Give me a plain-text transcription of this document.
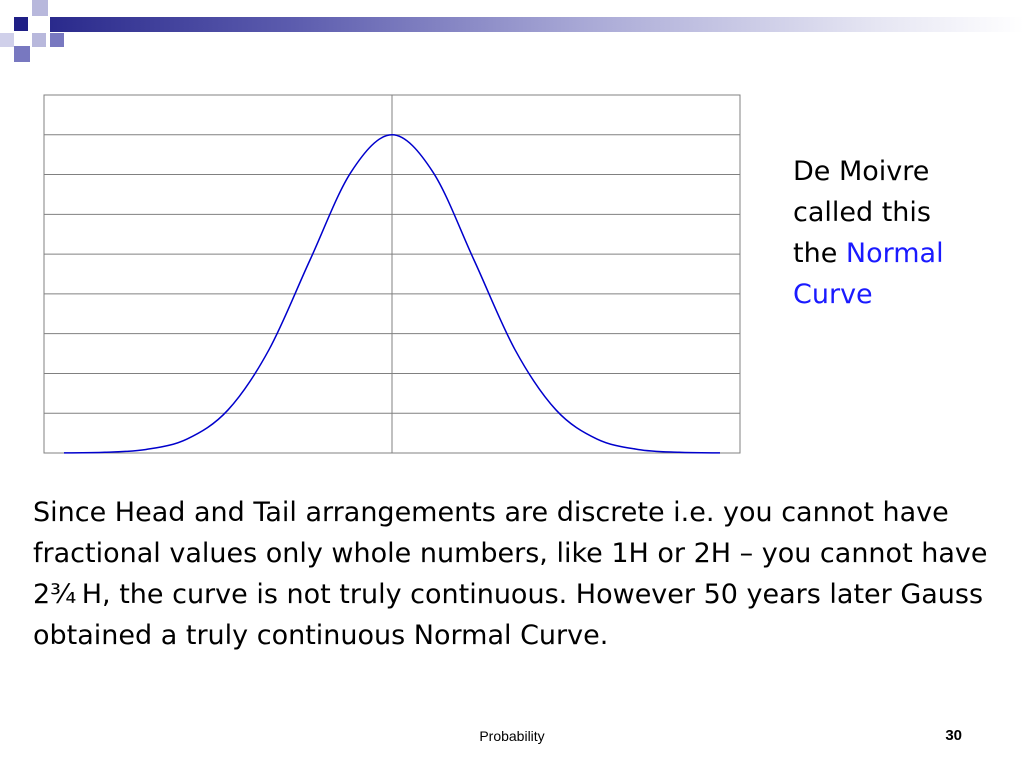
De Moivre
called this
the Normal
Curve
Since Head and Tail arrangements are discrete i.e. you cannot have fractional values only whole numbers, like 1H or 2H – you cannot have 2¾ H, the curve is not truly continuous. However 50 years later Gauss obtained a truly continuous Normal Curve.
Probability	30
